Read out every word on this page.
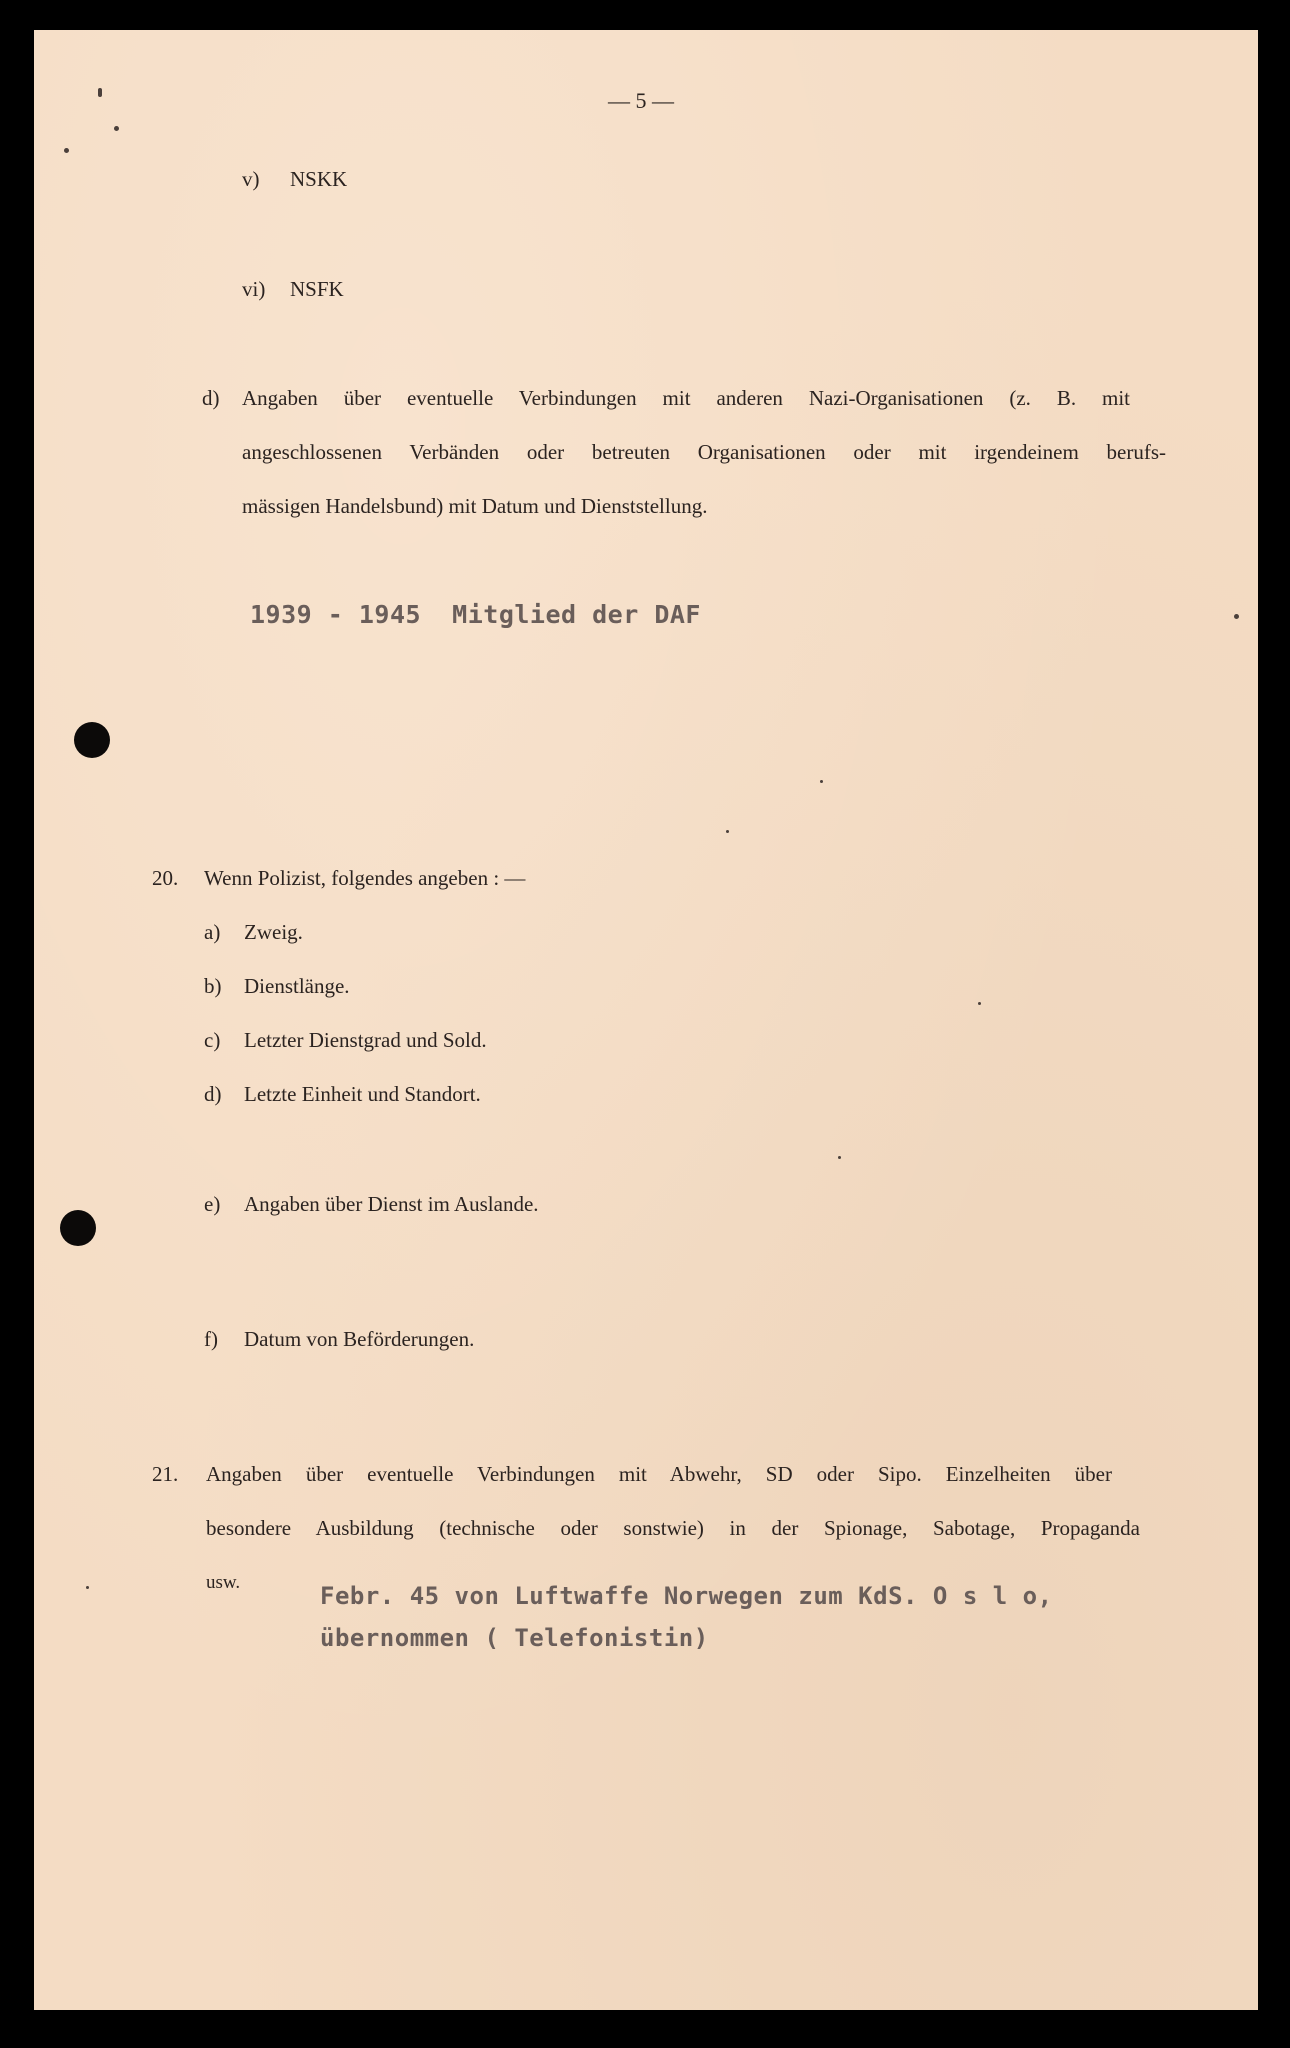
— 5 —
v) NSKK
vi) NSFK
d) Angaben über eventuelle Verbindungen mit anderen Nazi-Organisationen (z. B. mit
angeschlossenen Verbänden oder betreuten Organisationen oder mit irgendeinem berufs-
mässigen Handelsbund) mit Datum und Dienststellung.
1939 - 1945  Mitglied der DAF
20. Wenn Polizist, folgendes angeben : —
a) Zweig.
b) Dienstlänge.
c) Letzter Dienstgrad und Sold.
d) Letzte Einheit und Standort.
e) Angaben über Dienst im Auslande.
f) Datum von Beförderungen.
21. Angaben über eventuelle Verbindungen mit Abwehr, SD oder Sipo. Einzelheiten über
besondere Ausbildung (technische oder sonstwie) in der Spionage, Sabotage, Propaganda
usw.	Febr. 45 von Luftwaffe Norwegen zum KdS. O s l o,
übernommen ( Telefonistin)
